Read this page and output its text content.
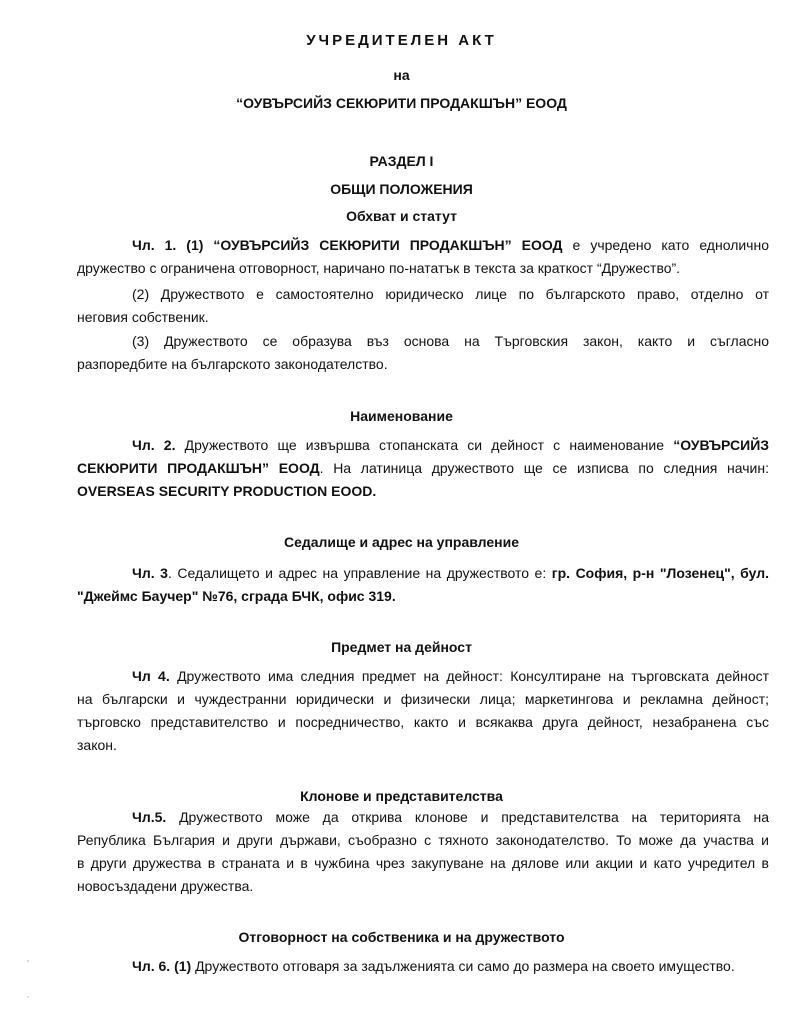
УЧРЕДИТЕЛЕН АКТ
на
“ОУВЪРСИЙЗ СЕКЮРИТИ ПРОДАКШЪН” ЕООД
РАЗДЕЛ I
ОБЩИ ПОЛОЖЕНИЯ
Обхват и статут
Чл. 1. (1) “ОУВЪРСИЙЗ СЕКЮРИТИ ПРОДАКШЪН” ЕООД е учредено като еднолично
дружество с ограничена отговорност, наричано по-нататък в текста за краткост “Дружество”.
(2) Дружеството е самостоятелно юридическо лице по българското право, отделно от
неговия собственик.
(3) Дружеството се образува въз основа на Търговския закон, както и съгласно
разпоредбите на българското законодателство.
Наименование
Чл. 2. Дружеството ще извършва стопанската си дейност с наименование “ОУВЪРСИЙЗ
СЕКЮРИТИ ПРОДАКШЪН” ЕООД. На латиница дружеството ще се изписва по следния начин:
OVERSEAS SECURITY PRODUCTION EOOD.
Седалище и адрес на управление
Чл. 3. Седалището и адрес на управление на дружеството е: гр. София, р-н "Лозенец", бул.
"Джеймс Баучер" №76, сграда БЧК, офис 319.
Предмет на дейност
Чл 4. Дружеството има следния предмет на дейност: Консултиране на търговската дейност
на български и чуждестранни юридически и физически лица; маркетингова и рекламна дейност;
търговско представителство и посредничество, както и всякаква друга дейност, незабранена със
закон.
Клонове и представителства
Чл.5. Дружеството може да открива клонове и представителства на територията на
Република България и други държави, съобразно с тяхното законодателство. То може да участва и
в други дружества в страната и в чужбина чрез закупуване на дялове или акции и като учредител в
новосъздадени дружества.
Отговорност на собственика и на дружеството
Чл. 6. (1) Дружеството отговаря за задълженията си само до размера на своето имущество.
